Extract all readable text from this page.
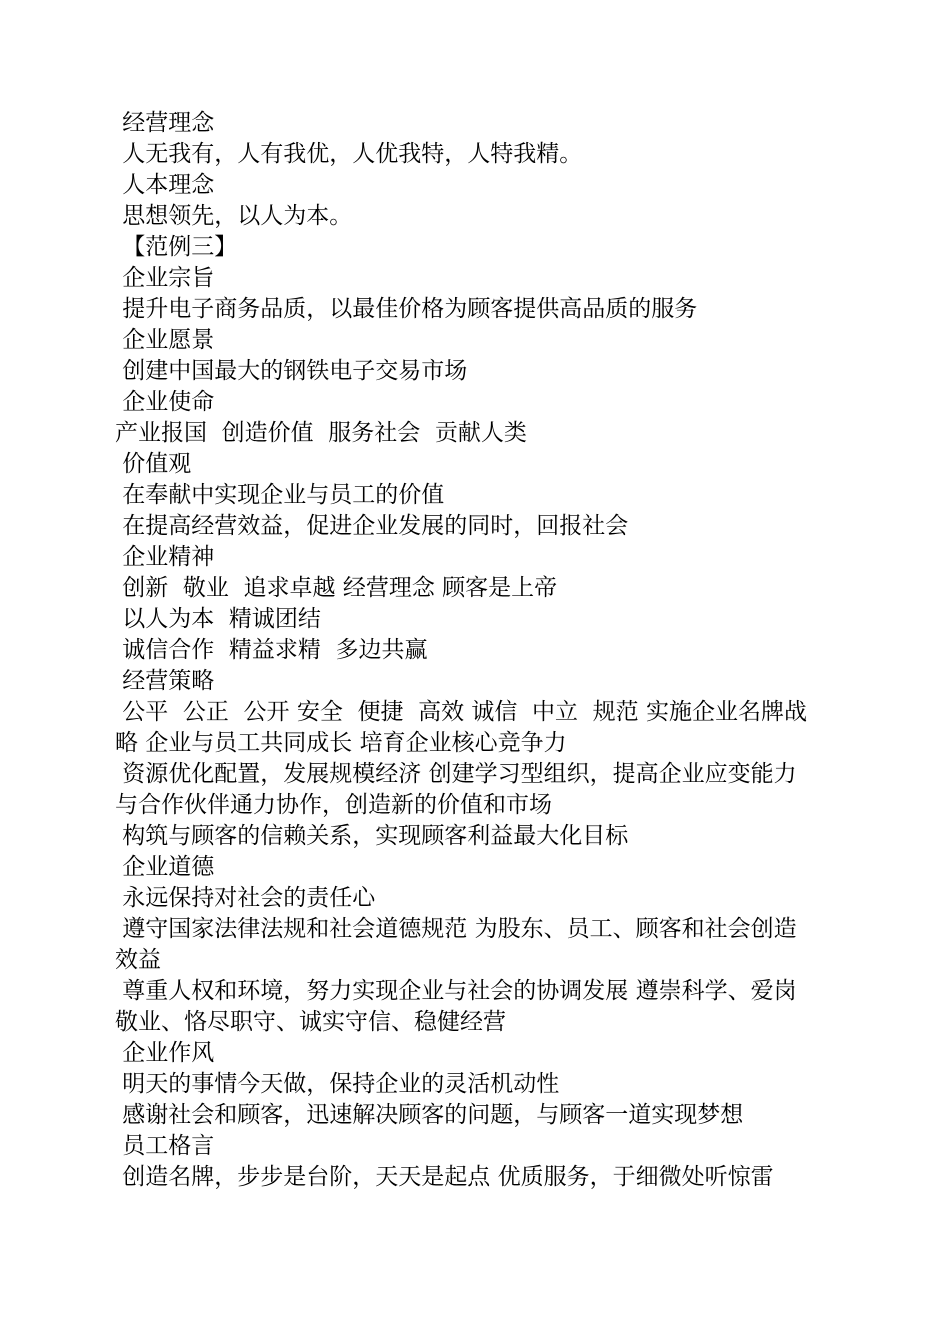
经营理念
人无我有，人有我优，人优我特，人特我精。
人本理念
思想领先，以人为本。
【范例三】
企业宗旨
提升电子商务品质，以最佳价格为顾客提供高品质的服务
企业愿景
创建中国最大的钢铁电子交易市场
企业使命
产业报国  创造价值  服务社会  贡献人类
价值观
在奉献中实现企业与员工的价值
在提高经营效益，促进企业发展的同时，回报社会
企业精神
创新  敬业  追求卓越 经营理念 顾客是上帝
以人为本  精诚团结
诚信合作  精益求精  多边共赢
经营策略
公平  公正  公开 安全  便捷  高效 诚信  中立  规范 实施企业名牌战
略 企业与员工共同成长 培育企业核心竞争力
资源优化配置，发展规模经济 创建学习型组织，提高企业应变能力
与合作伙伴通力协作，创造新的价值和市场
构筑与顾客的信赖关系，实现顾客利益最大化目标
企业道德
永远保持对社会的责任心
遵守国家法律法规和社会道德规范 为股东、员工、顾客和社会创造
效益
尊重人权和环境，努力实现企业与社会的协调发展 遵崇科学、爱岗
敬业、恪尽职守、诚实守信、稳健经营
企业作风
明天的事情今天做，保持企业的灵活机动性
感谢社会和顾客，迅速解决顾客的问题，与顾客一道实现梦想
员工格言
创造名牌，步步是台阶，天天是起点 优质服务，于细微处听惊雷
